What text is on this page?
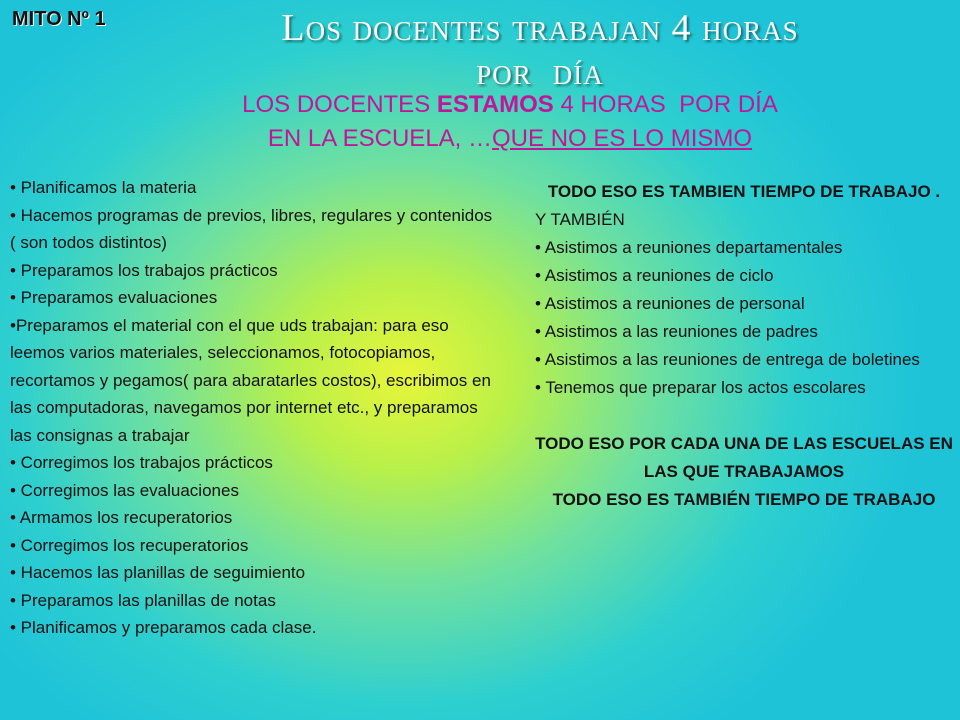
MITO Nº 1	Los docentes trabajan 4 horas
por  día
LOS DOCENTES ESTAMOS 4 HORAS  POR DÍA
EN LA ESCUELA, …QUE NO ES LO MISMO
• Planificamos la materia
• Hacemos programas de previos, libres, regulares y contenidos ( son todos distintos)
• Preparamos los trabajos prácticos
• Preparamos evaluaciones
•Preparamos el material con el que uds trabajan: para eso leemos varios materiales, seleccionamos, fotocopiamos, recortamos y pegamos( para abaratarles costos), escribimos en las computadoras, navegamos por internet etc., y preparamos las consignas a trabajar
• Corregimos los trabajos prácticos
• Corregimos las evaluaciones
• Armamos los recuperatorios
• Corregimos los recuperatorios
• Hacemos las planillas de seguimiento
• Preparamos las planillas de notas
• Planificamos y preparamos cada clase.
TODO ESO ES TAMBIEN TIEMPO DE TRABAJO .
Y TAMBIÉN
• Asistimos a reuniones departamentales
• Asistimos a reuniones de ciclo
• Asistimos a reuniones de personal
• Asistimos a las reuniones de padres
• Asistimos a las reuniones de entrega de boletines
• Tenemos que preparar los actos escolares
TODO ESO POR CADA UNA DE LAS ESCUELAS EN LAS QUE TRABAJAMOS
TODO ESO ES TAMBIÉN TIEMPO DE TRABAJO
